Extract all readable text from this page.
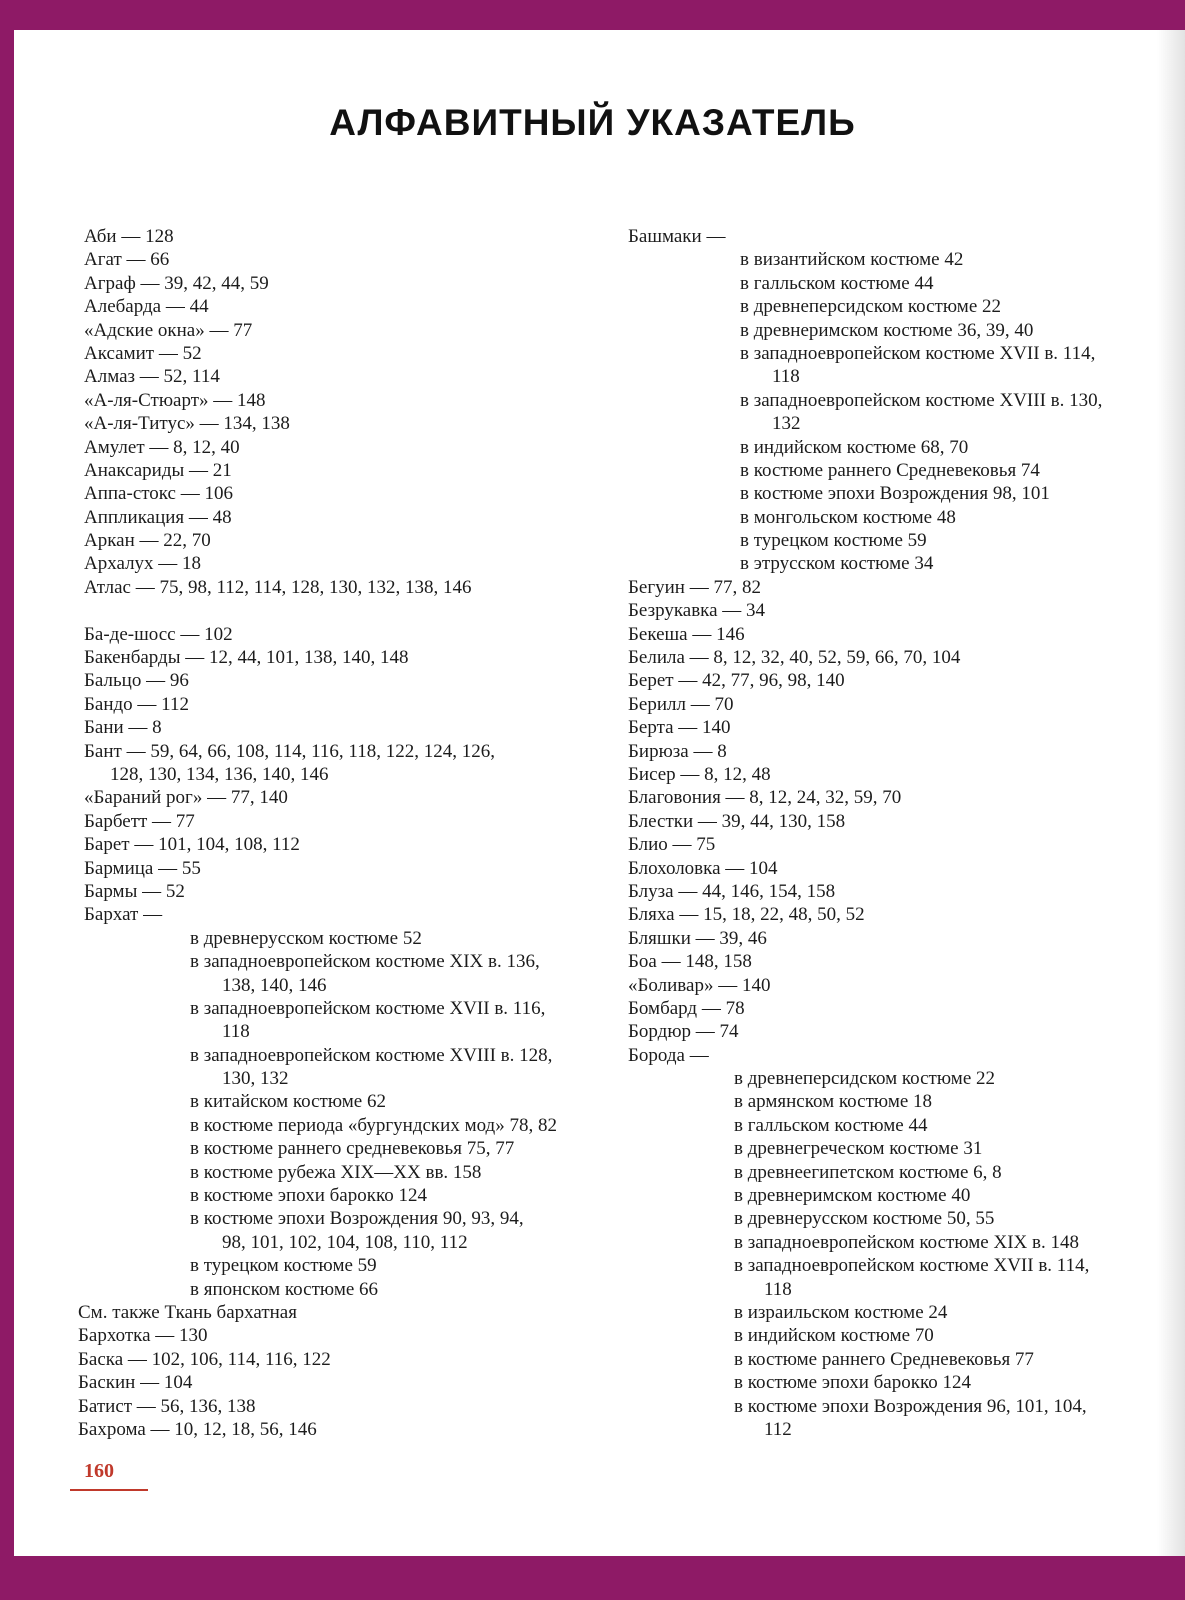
АЛФАВИТНЫЙ УКАЗАТЕЛЬ
Аби — 128
Агат — 66
Аграф — 39, 42, 44, 59
Алебарда — 44
«Адские окна» — 77
Аксамит — 52
Алмаз — 52, 114
«А-ля-Стюарт» — 148
«А-ля-Титус» — 134, 138
Амулет — 8, 12, 40
Анаксариды — 21
Аппа-стокс — 106
Аппликация — 48
Аркан — 22, 70
Архалух — 18
Атлас — 75, 98, 112, 114, 128, 130, 132, 138, 146
Ба-де-шосс — 102
Бакенбарды — 12, 44, 101, 138, 140, 148
Бальцо — 96
Бандо — 112
Бани — 8
Бант — 59, 64, 66, 108, 114, 116, 118, 122, 124, 126,
128, 130, 134, 136, 140, 146
«Бараний рог» — 77, 140
Барбетт — 77
Барет — 101, 104, 108, 112
Бармица — 55
Бармы — 52
Бархат —
в древнерусском костюме 52
в западноевропейском костюме XIX в. 136,
138, 140, 146
в западноевропейском костюме XVII в. 116,
118
в западноевропейском костюме XVIII в. 128,
130, 132
в китайском костюме 62
в костюме периода «бургундских мод» 78, 82
в костюме раннего средневековья 75, 77
в костюме рубежа XIX—XX вв. 158
в костюме эпохи барокко 124
в костюме эпохи Возрождения 90, 93, 94,
98, 101, 102, 104, 108, 110, 112
в турецком костюме 59
в японском костюме 66
См. также Ткань бархатная
Бархотка — 130
Баска — 102, 106, 114, 116, 122
Баскин — 104
Батист — 56, 136, 138
Бахрома — 10, 12, 18, 56, 146
Башмаки —
в византийском костюме 42
в галльском костюме 44
в древнеперсидском костюме 22
в древнеримском костюме 36, 39, 40
в западноевропейском костюме XVII в. 114,
118
в западноевропейском костюме XVIII в. 130,
132
в индийском костюме 68, 70
в костюме раннего Средневековья 74
в костюме эпохи Возрождения 98, 101
в монгольском костюме 48
в турецком костюме 59
в этрусском костюме 34
Бегуин — 77, 82
Безрукавка — 34
Бекеша — 146
Белила — 8, 12, 32, 40, 52, 59, 66, 70, 104
Берет — 42, 77, 96, 98, 140
Берилл — 70
Берта — 140
Бирюза — 8
Бисер — 8, 12, 48
Благовония — 8, 12, 24, 32, 59, 70
Блестки — 39, 44, 130, 158
Блио — 75
Блохоловка — 104
Блуза — 44, 146, 154, 158
Бляха — 15, 18, 22, 48, 50, 52
Бляшки — 39, 46
Боа — 148, 158
«Боливар» — 140
Бомбард — 78
Бордюр — 74
Борода —
в древнеперсидском костюме 22
в армянском костюме 18
в галльском костюме 44
в древнегреческом костюме 31
в древнеегипетском костюме 6, 8
в древнеримском костюме 40
в древнерусском костюме 50, 55
в западноевропейском костюме XIX в. 148
в западноевропейском костюме XVII в. 114,
118
в израильском костюме 24
в индийском костюме 70
в костюме раннего Средневековья 77
в костюме эпохи барокко 124
в костюме эпохи Возрождения 96, 101, 104,
112
160
